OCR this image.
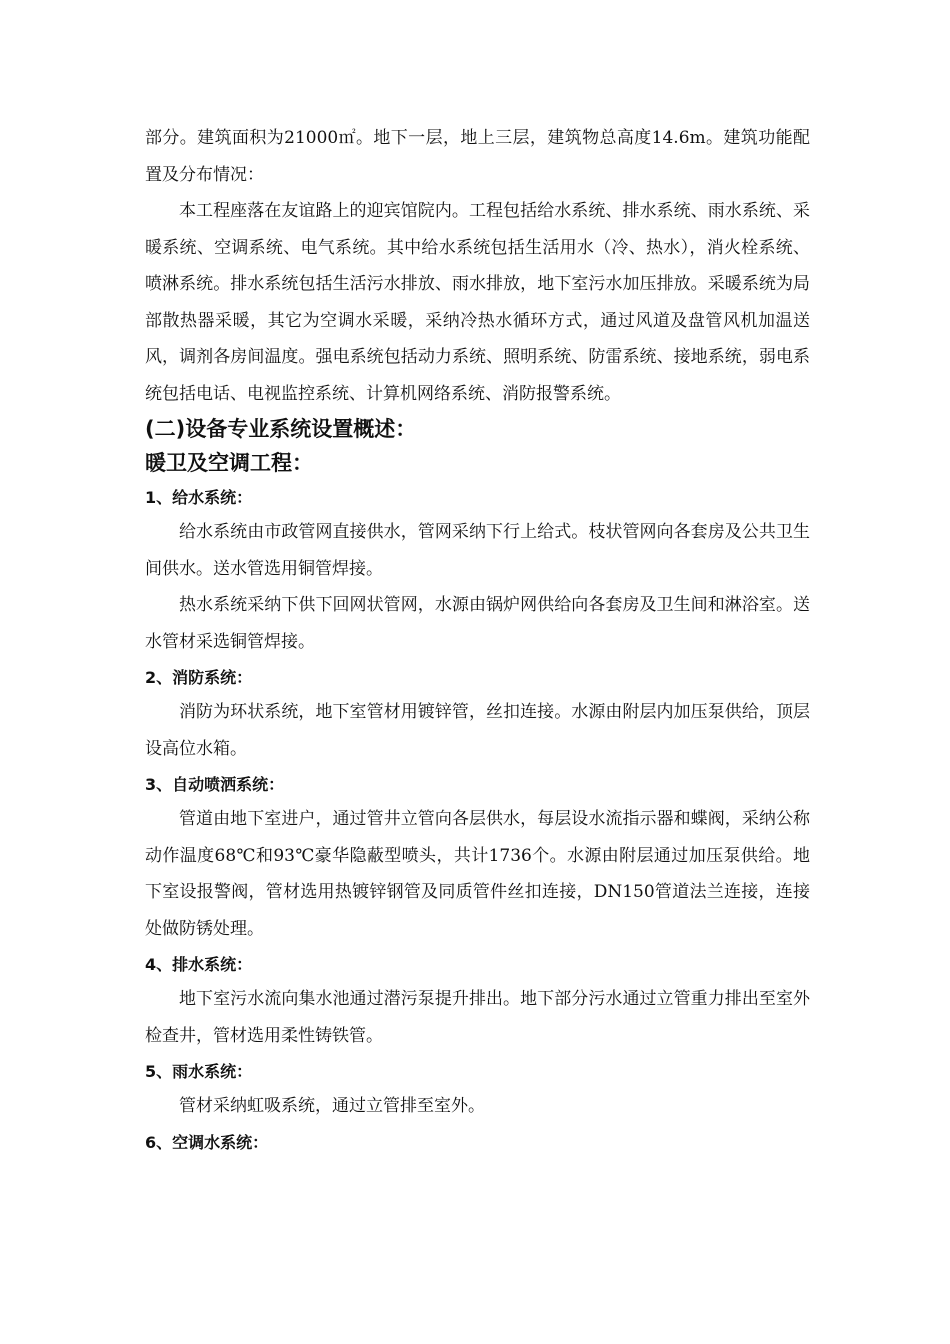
部分。建筑面积为21000㎡。地下一层，地上三层，建筑物总高度14.6m。建筑功能配置及分布情况：

本工程座落在友谊路上的迎宾馆院内。工程包括给水系统、排水系统、雨水系统、采暖系统、空调系统、电气系统。其中给水系统包括生活用水（冷、热水），消火栓系统、喷淋系统。排水系统包括生活污水排放、雨水排放，地下室污水加压排放。采暖系统为局部散热器采暖，其它为空调水采暖，采纳冷热水循环方式，通过风道及盘管风机加温送风，调剂各房间温度。强电系统包括动力系统、照明系统、防雷系统、接地系统，弱电系统包括电话、电视监控系统、计算机网络系统、消防报警系统。

(二)设备专业系统设置概述：

暖卫及空调工程：

1、给水系统：

给水系统由市政管网直接供水，管网采纳下行上给式。枝状管网向各套房及公共卫生间供水。送水管选用铜管焊接。

热水系统采纳下供下回网状管网，水源由锅炉网供给向各套房及卫生间和淋浴室。送水管材采选铜管焊接。

2、消防系统：

消防为环状系统，地下室管材用镀锌管，丝扣连接。水源由附层内加压泵供给，顶层设高位水箱。

3、自动喷洒系统：

管道由地下室进户，通过管井立管向各层供水，每层设水流指示器和蝶阀，采纳公称动作温度68℃和93℃豪华隐蔽型喷头，共计1736个。水源由附层通过加压泵供给。地下室设报警阀，管材选用热镀锌钢管及同质管件丝扣连接，DN150管道法兰连接，连接处做防锈处理。

4、排水系统：

地下室污水流向集水池通过潜污泵提升排出。地下部分污水通过立管重力排出至室外检查井，管材选用柔性铸铁管。

5、雨水系统：

管材采纳虹吸系统，通过立管排至室外。

6、空调水系统：
